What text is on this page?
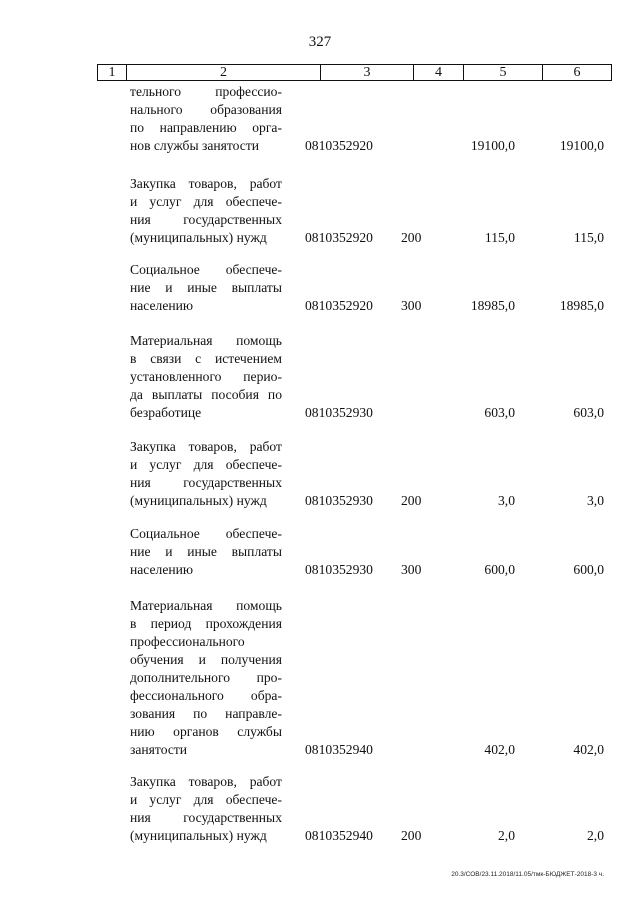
327
1	2	3	4	5	6
тельного профессио-
нального образования
по направлению орга-
нов службы занятости	0810352920	19100,0	19100,0
Закупка товаров, работ
и услуг для обеспече-
ния государственных
(муниципальных) нужд	0810352920 200	115,0	115,0
Социальное обеспече-
ние и иные выплаты
населению	0810352920 300	18985,0	18985,0
Материальная помощь
в связи с истечением
установленного перио-
да выплаты пособия по
безработице	0810352930	603,0	603,0
Закупка товаров, работ
и услуг для обеспече-
ния государственных
(муниципальных) нужд	0810352930 200	3,0	3,0
Социальное обеспече-
ние и иные выплаты
населению	0810352930 300	600,0	600,0
Материальная помощь
в период прохождения
профессионального
обучения и получения
дополнительного про-
фессионального обра-
зования по направле-
нию органов службы
занятости	0810352940	402,0	402,0
Закупка товаров, работ
и услуг для обеспече-
ния государственных
(муниципальных) нужд	0810352940 200	2,0	2,0
20.3/СОВ/23.11.2018/11.05/тмк-БЮДЖЕТ-2018-3 ч.
